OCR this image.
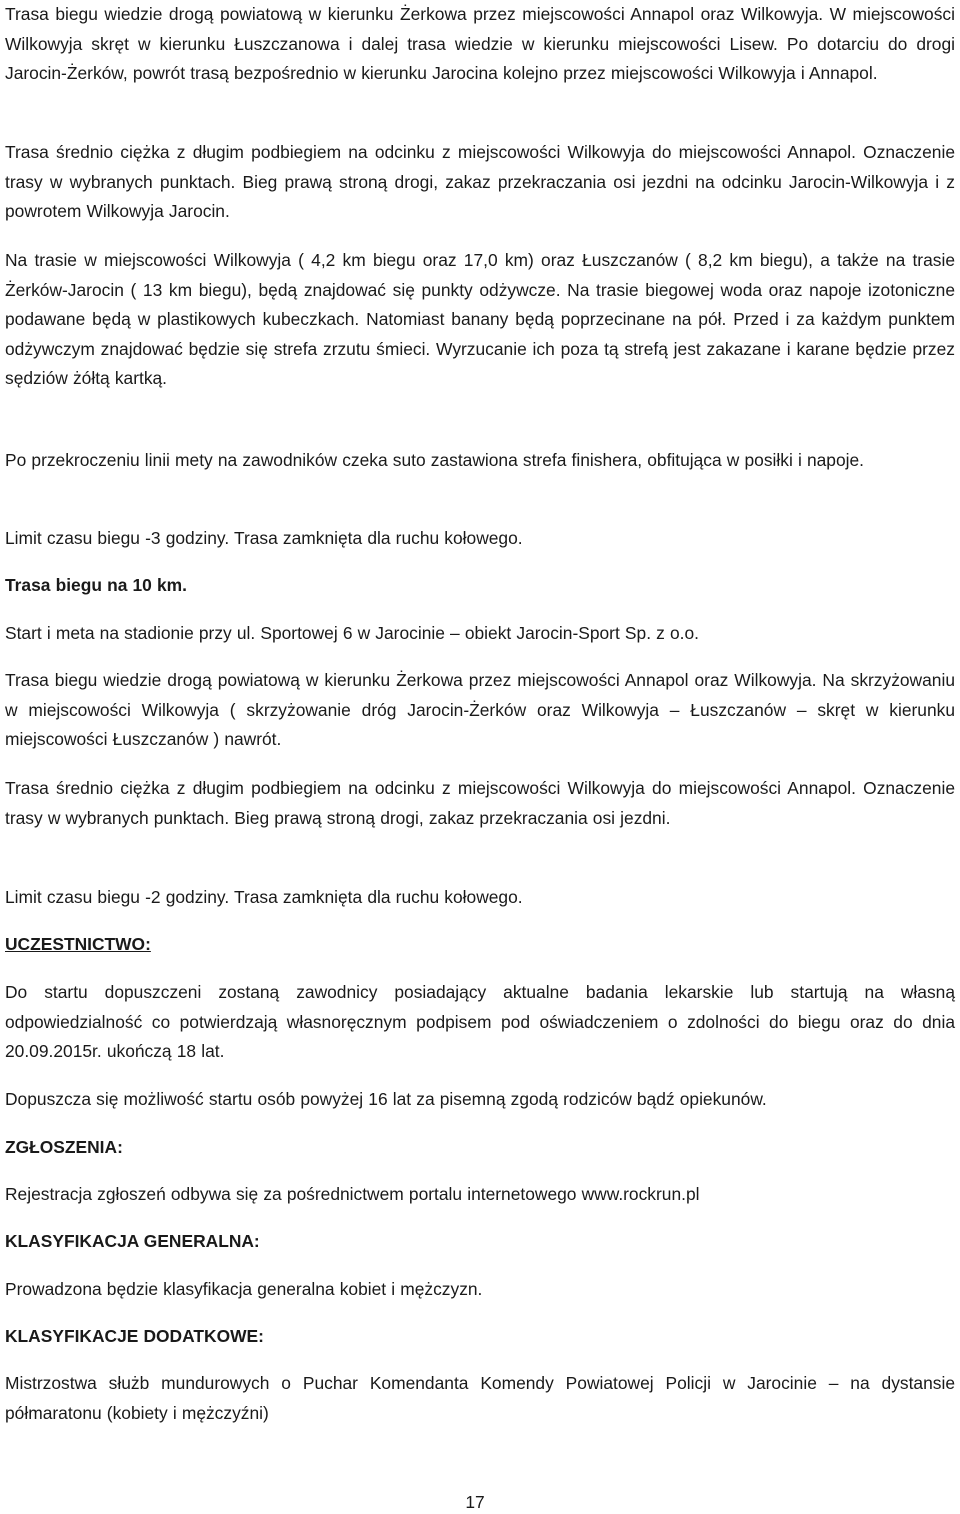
Trasa biegu wiedzie drogą powiatową w kierunku Żerkowa przez miejscowości Annapol oraz Wilkowyja. W miejscowości Wilkowyja skręt w kierunku Łuszczanowa i dalej trasa wiedzie w kierunku miejscowości Lisew. Po dotarciu do drogi Jarocin-Żerków, powrót trasą bezpośrednio w kierunku Jarocina kolejno przez miejscowości Wilkowyja i Annapol.

Trasa średnio ciężka z długim podbiegiem na odcinku z miejscowości Wilkowyja do miejscowości Annapol. Oznaczenie trasy w wybranych punktach. Bieg prawą stroną drogi, zakaz przekraczania osi jezdni na odcinku Jarocin-Wilkowyja i z powrotem Wilkowyja Jarocin.

Na trasie w miejscowości Wilkowyja ( 4,2 km biegu oraz 17,0 km) oraz Łuszczanów ( 8,2 km biegu), a także na trasie Żerków-Jarocin ( 13 km biegu), będą znajdować się punkty odżywcze. Na trasie biegowej woda oraz napoje izotoniczne podawane będą w plastikowych kubeczkach. Natomiast banany będą poprzecinane na pół. Przed i za każdym punktem odżywczym znajdować będzie się strefa zrzutu śmieci. Wyrzucanie ich poza tą strefą jest zakazane i karane będzie przez sędziów żółtą kartką.

Po przekroczeniu linii mety na zawodników czeka suto zastawiona strefa finishera, obfitująca w posiłki i napoje.

Limit czasu biegu -3 godziny. Trasa zamknięta dla ruchu kołowego.

Trasa biegu na 10 km.

Start i meta na stadionie przy ul. Sportowej 6 w Jarocinie – obiekt Jarocin-Sport Sp. z o.o.

Trasa biegu wiedzie drogą powiatową w kierunku Żerkowa przez miejscowości Annapol oraz Wilkowyja. Na skrzyżowaniu w miejscowości Wilkowyja ( skrzyżowanie dróg Jarocin-Żerków oraz Wilkowyja – Łuszczanów – skręt w kierunku miejscowości Łuszczanów ) nawrót.

Trasa średnio ciężka z długim podbiegiem na odcinku z miejscowości Wilkowyja do miejscowości Annapol. Oznaczenie trasy w wybranych punktach. Bieg prawą stroną drogi, zakaz przekraczania osi jezdni.

Limit czasu biegu -2 godziny. Trasa zamknięta dla ruchu kołowego.

UCZESTNICTWO:

Do startu dopuszczeni zostaną zawodnicy posiadający aktualne badania lekarskie lub startują na własną odpowiedzialność co potwierdzają własnoręcznym podpisem pod oświadczeniem o zdolności do biegu oraz do dnia 20.09.2015r. ukończą 18 lat.

Dopuszcza się możliwość startu osób powyżej 16 lat za pisemną zgodą rodziców bądź opiekunów.

ZGŁOSZENIA:

Rejestracja zgłoszeń odbywa się za pośrednictwem portalu internetowego www.rockrun.pl

KLASYFIKACJA GENERALNA:

Prowadzona będzie klasyfikacja generalna kobiet i mężczyzn.

KLASYFIKACJE DODATKOWE:

Mistrzostwa służb mundurowych o Puchar Komendanta Komendy Powiatowej Policji w Jarocinie – na dystansie półmaratonu (kobiety i mężczyźni)

17
